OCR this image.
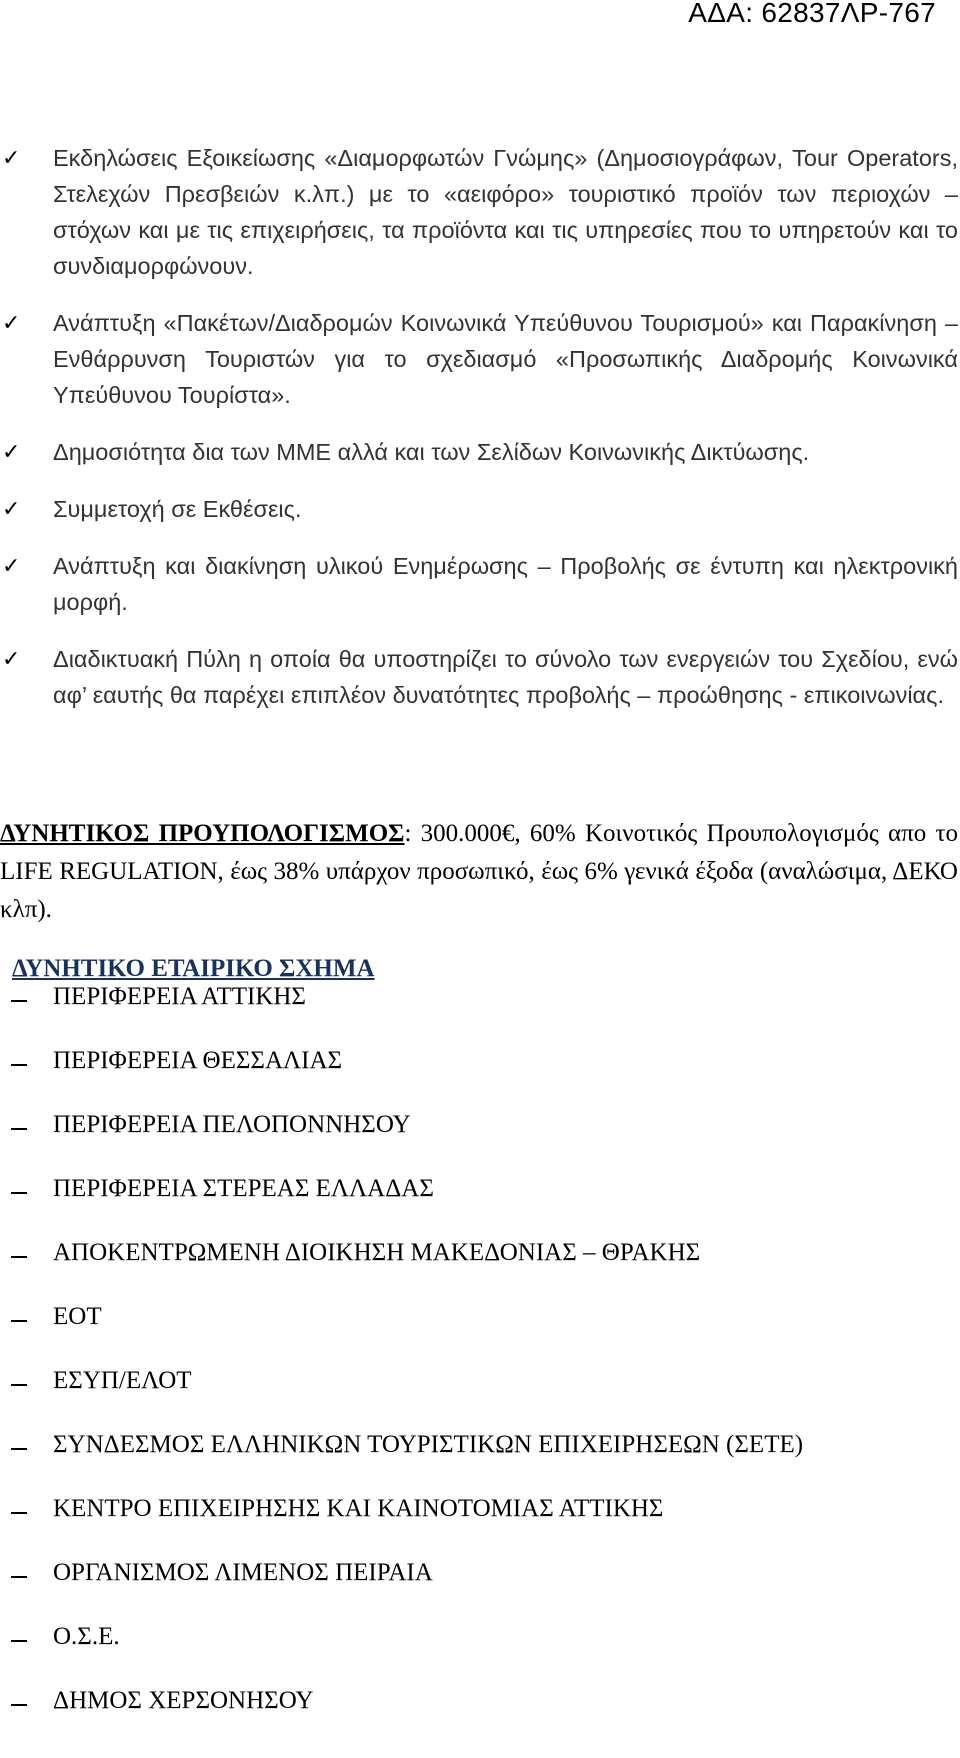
ΑΔΑ: 62837ΛΡ-767
✓ Εκδηλώσεις Εξοικείωσης «Διαμορφωτών Γνώμης» (Δημοσιογράφων, Tour Operators, Στελεχών Πρεσβειών κ.λπ.) με το «αειφόρο» τουριστικό προϊόν των περιοχών – στόχων και με τις επιχειρήσεις, τα προϊόντα και τις υπηρεσίες που το υπηρετούν και το συνδιαμορφώνουν.
✓ Ανάπτυξη «Πακέτων/Διαδρομών Κοινωνικά Υπεύθυνου Τουρισμού» και Παρακίνηση – Ενθάρρυνση Τουριστών για το σχεδιασμό «Προσωπικής Διαδρομής Κοινωνικά Υπεύθυνου Τουρίστα».
✓ Δημοσιότητα δια των ΜΜΕ αλλά και των Σελίδων Κοινωνικής Δικτύωσης.
✓ Συμμετοχή σε Εκθέσεις.
✓ Ανάπτυξη και διακίνηση υλικού Ενημέρωσης – Προβολής σε έντυπη και ηλεκτρονική μορφή.
✓ Διαδικτυακή Πύλη η οποία θα υποστηρίζει το σύνολο των ενεργειών του Σχεδίου, ενώ αφ’ εαυτής θα παρέχει επιπλέον δυνατότητες προβολής – προώθησης - επικοινωνίας.
ΔΥΝΗΤΙΚΟΣ ΠΡΟΥΠΟΛΟΓΙΣΜΟΣ: 300.000€, 60% Κοινοτικός Προυπολογισμός απο το LIFE REGULATION, έως 38% υπάρχον προσωπικό, έως 6% γενικά έξοδα (αναλώσιμα, ΔΕΚΟ κλπ).
ΔΥΝΗΤΙΚΟ ΕΤΑΙΡΙΚΟ ΣΧΗΜΑ
ΠΕΡΙΦΕΡΕΙΑ ΑΤΤΙΚΗΣ
ΠΕΡΙΦΕΡΕΙΑ ΘΕΣΣΑΛΙΑΣ
ΠΕΡΙΦΕΡΕΙΑ ΠΕΛΟΠΟΝΝΗΣΟΥ
ΠΕΡΙΦΕΡΕΙΑ ΣΤΕΡΕΑΣ ΕΛΛΑΔΑΣ
ΑΠΟΚΕΝΤΡΩΜΕΝΗ ΔΙΟΙΚΗΣΗ ΜΑΚΕΔΟΝΙΑΣ – ΘΡΑΚΗΣ
ΕΟΤ
ΕΣΥΠ/ΕΛΟΤ
ΣΥΝΔΕΣΜΟΣ ΕΛΛΗΝΙΚΩΝ ΤΟΥΡΙΣΤΙΚΩΝ ΕΠΙΧΕΙΡΗΣΕΩΝ (ΣΕΤΕ)
ΚΕΝΤΡΟ ΕΠΙΧΕΙΡΗΣΗΣ ΚΑΙ ΚΑΙΝΟΤΟΜΙΑΣ ΑΤΤΙΚΗΣ
ΟΡΓΑΝΙΣΜΟΣ ΛΙΜΕΝΟΣ ΠΕΙΡΑΙΑ
Ο.Σ.Ε.
ΔΗΜΟΣ ΧΕΡΣΟΝΗΣΟΥ
